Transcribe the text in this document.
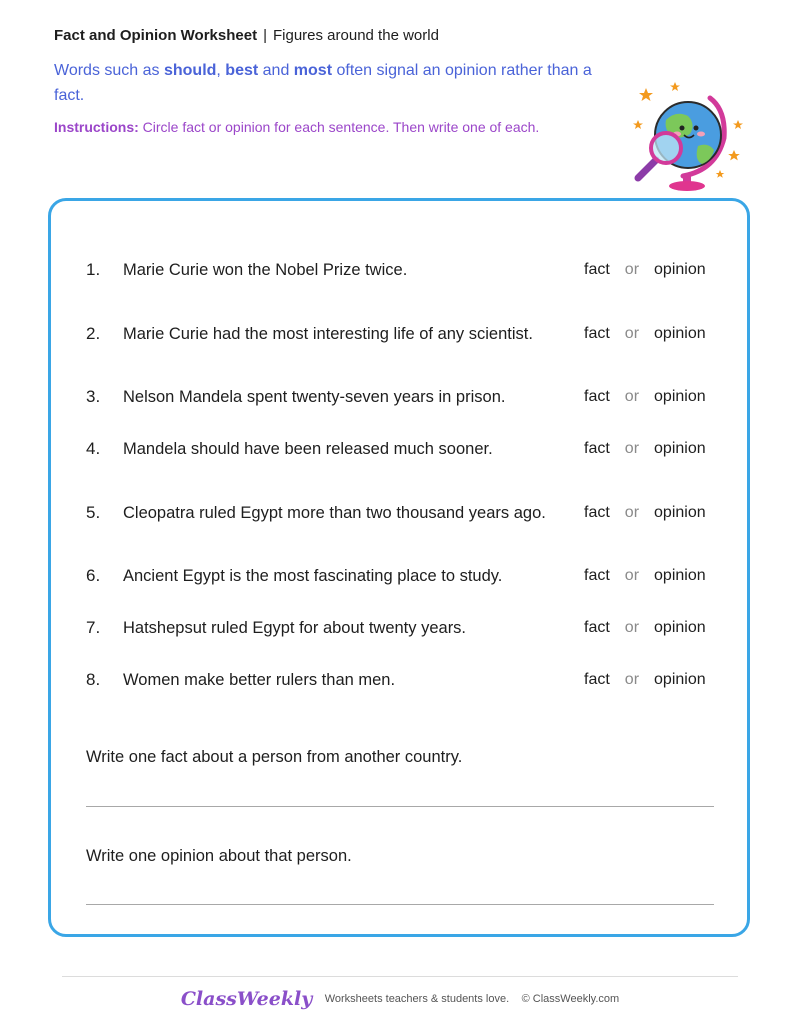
Fact and Opinion Worksheet | Figures around the world
Words such as should, best and most often signal an opinion rather than a fact.
Instructions: Circle fact or opinion for each sentence. Then write one of each.
1.	Marie Curie won the Nobel Prize twice.	fact or opinion
2.	Marie Curie had the most interesting life of any scientist.	fact or opinion
3.	Nelson Mandela spent twenty-seven years in prison.	fact or opinion
4.	Mandela should have been released much sooner.	fact or opinion
5.	Cleopatra ruled Egypt more than two thousand years ago.	fact or opinion
6.	Ancient Egypt is the most fascinating place to study.	fact or opinion
7.	Hatshepsut ruled Egypt for about twenty years.	fact or opinion
8.	Women make better rulers than men.	fact or opinion
Write one fact about a person from another country.
Write one opinion about that person.
ClassWeekly Worksheets teachers & students love. © ClassWeekly.com
